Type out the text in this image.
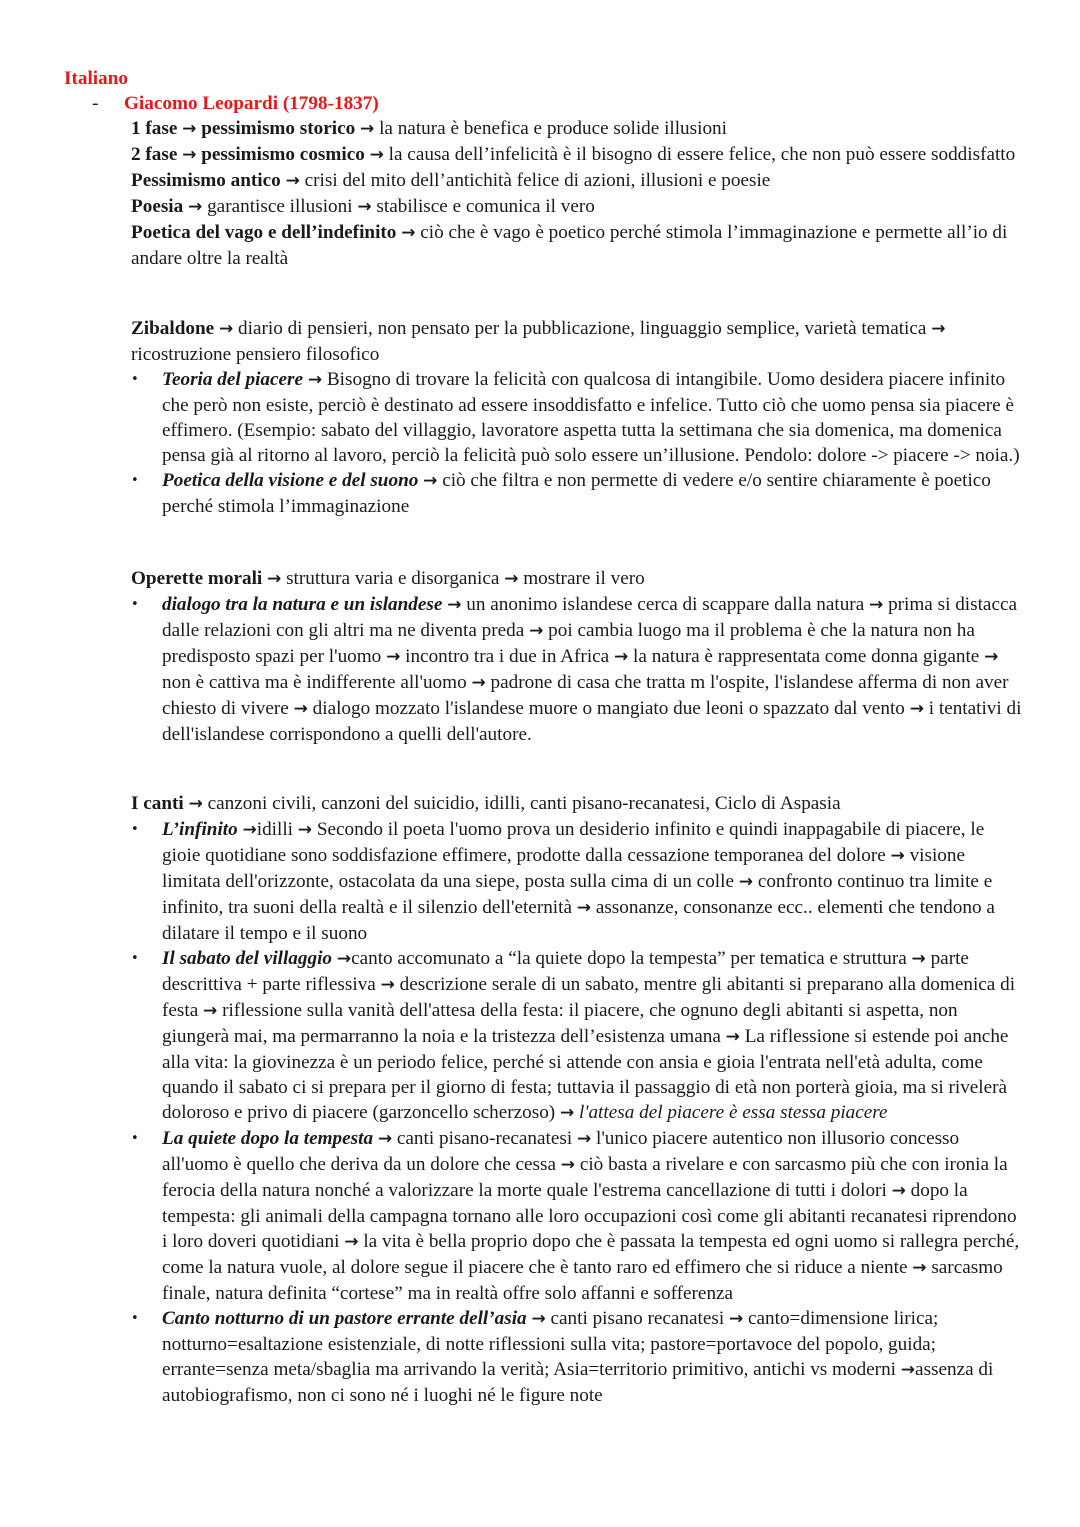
Italiano
- Giacomo Leopardi (1798-1837)

1 fase → pessimismo storico → la natura è benefica e produce solide illusioni

2 fase → pessimismo cosmico → la causa dell’infelicità è il bisogno di essere felice, che non può essere soddisfatto

Pessimismo antico → crisi del mito dell’antichità felice di azioni, illusioni e poesie

Poesia → garantisce illusioni → stabilisce e comunica il vero

Poetica del vago e dell’indefinito → ciò che è vago è poetico perché stimola l’immaginazione e permette all’io di andare oltre la realtà

Zibaldone → diario di pensieri, non pensato per la pubblicazione, linguaggio semplice, varietà tematica → ricostruzione pensiero filosofico

• Teoria del piacere → Bisogno di trovare la felicità con qualcosa di intangibile. Uomo desidera piacere infinito che però non esiste, perciò è destinato ad essere insoddisfatto e infelice. Tutto ciò che uomo pensa sia piacere è effimero. (Esempio: sabato del villaggio, lavoratore aspetta tutta la settimana che sia domenica, ma domenica pensa già al ritorno al lavoro, perciò la felicità può solo essere un’illusione. Pendolo: dolore -> piacere -> noia.)
• Poetica della visione e del suono → ciò che filtra e non permette di vedere e/o sentire chiaramente è poetico perché stimola l’immaginazione

Operette morali → struttura varia e disorganica → mostrare il vero

• dialogo tra la natura e un islandese → un anonimo islandese cerca di scappare dalla natura → prima si distacca dalle relazioni con gli altri ma ne diventa preda → poi cambia luogo ma il problema è che la natura non ha predisposto spazi per l'uomo → incontro tra i due in Africa → la natura è rappresentata come donna gigante → non è cattiva ma è indifferente all'uomo → padrone di casa che tratta m l'ospite, l'islandese afferma di non aver chiesto di vivere → dialogo mozzato l'islandese muore o mangiato due leoni o spazzato dal vento → i tentativi di dell'islandese corrispondono a quelli dell'autore.

I canti → canzoni civili, canzoni del suicidio, idilli, canti pisano-recanatesi, Ciclo di Aspasia

• L’infinito →idilli → Secondo il poeta l'uomo prova un desiderio infinito e quindi inappagabile di piacere, le gioie quotidiane sono soddisfazione effimere, prodotte dalla cessazione temporanea del dolore → visione limitata dell'orizzonte, ostacolata da una siepe, posta sulla cima di un colle → confronto continuo tra limite e infinito, tra suoni della realtà e il silenzio dell'eternità → assonanze, consonanze ecc.. elementi che tendono a dilatare il tempo e il suono
• Il sabato del villaggio →canto accomunato a “la quiete dopo la tempesta” per tematica e struttura → parte descrittiva + parte riflessiva → descrizione serale di un sabato, mentre gli abitanti si preparano alla domenica di festa → riflessione sulla vanità dell'attesa della festa: il piacere, che ognuno degli abitanti si aspetta, non giungerà mai, ma permarranno la noia e la tristezza dell’esistenza umana → La riflessione si estende poi anche alla vita: la giovinezza è un periodo felice, perché si attende con ansia e gioia l'entrata nell'età adulta, come quando il sabato ci si prepara per il giorno di festa; tuttavia il passaggio di età non porterà gioia, ma si rivelerà doloroso e privo di piacere (garzoncello scherzoso) → l'attesa del piacere è essa stessa piacere
• La quiete dopo la tempesta → canti pisano-recanatesi → l'unico piacere autentico non illusorio concesso all'uomo è quello che deriva da un dolore che cessa → ciò basta a rivelare e con sarcasmo più che con ironia la ferocia della natura nonché a valorizzare la morte quale l'estrema cancellazione di tutti i dolori → dopo la tempesta: gli animali della campagna tornano alle loro occupazioni così come gli abitanti recanatesi riprendono i loro doveri quotidiani → la vita è bella proprio dopo che è passata la tempesta ed ogni uomo si rallegra perché, come la natura vuole, al dolore segue il piacere che è tanto raro ed effimero che si riduce a niente → sarcasmo finale, natura definita “cortese” ma in realtà offre solo affanni e sofferenza
• Canto notturno di un pastore errante dell’asia → canti pisano recanatesi → canto=dimensione lirica; notturno=esaltazione esistenziale, di notte riflessioni sulla vita; pastore=portavoce del popolo, guida; errante=senza meta/sbaglia ma arrivando la verità; Asia=territorio primitivo, antichi vs moderni →assenza di autobiografismo, non ci sono né i luoghi né le figure note
